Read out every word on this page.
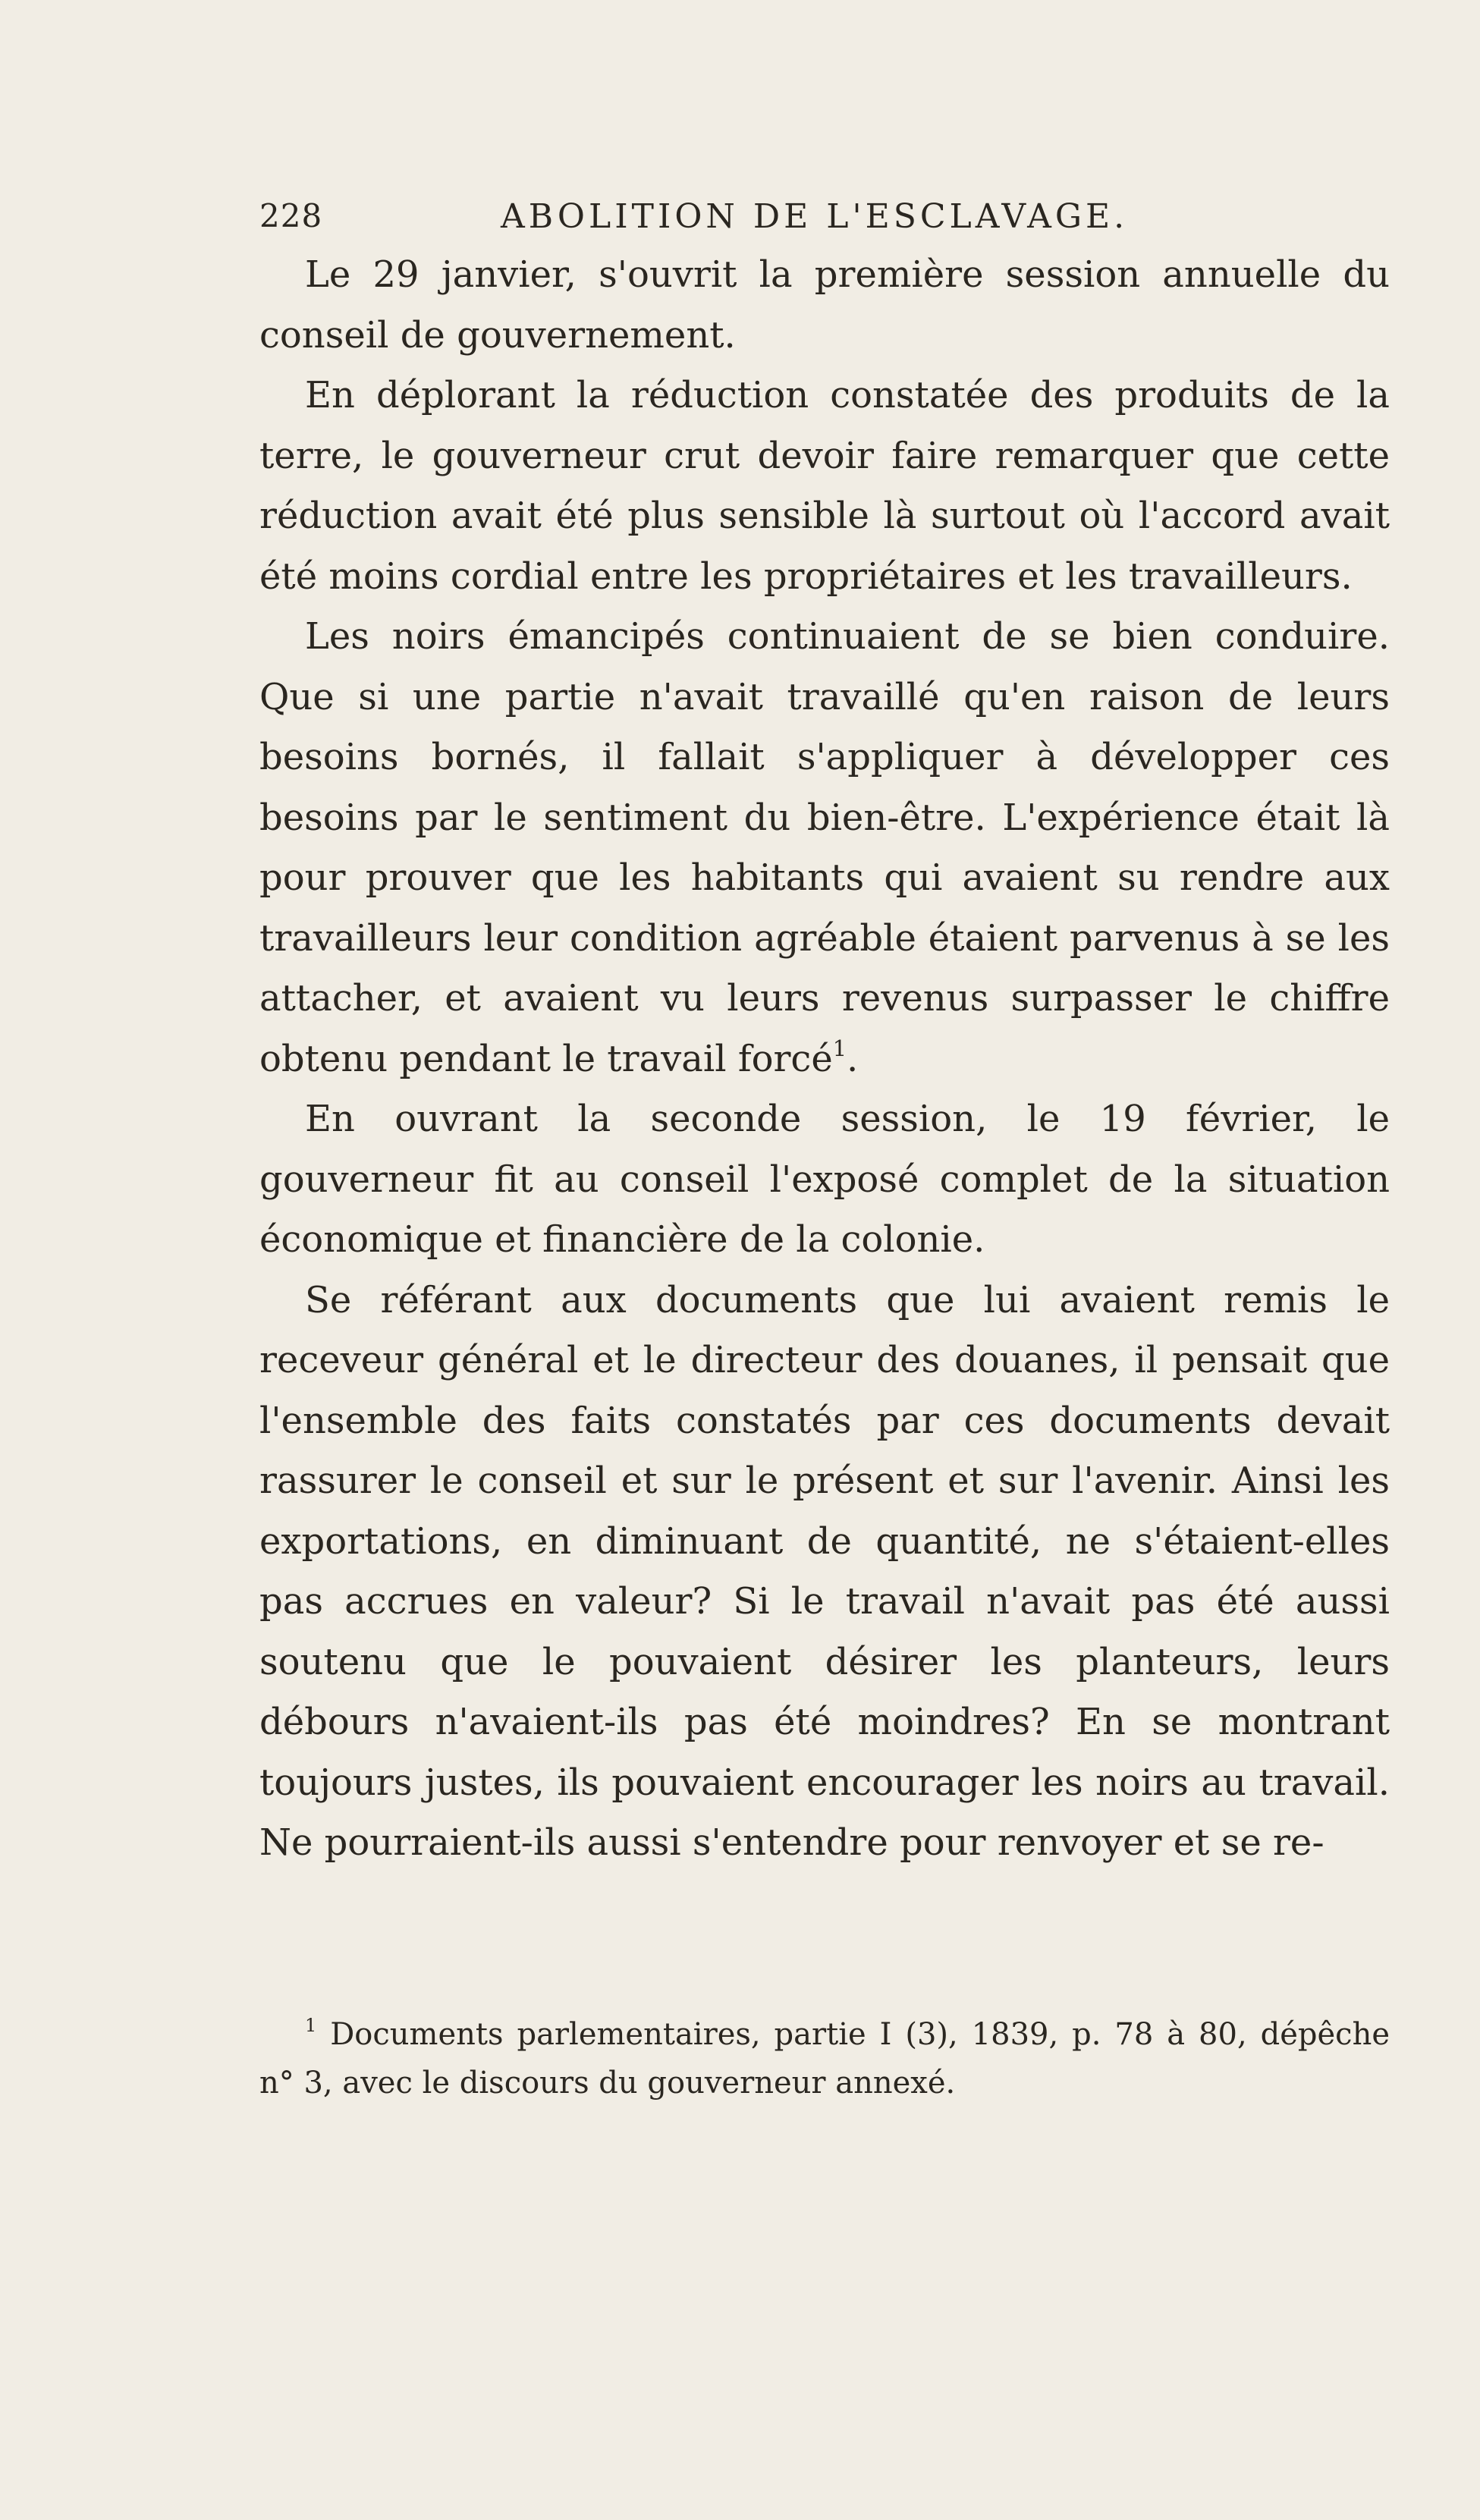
228	ABOLITION DE L'ESCLAVAGE.

Le 29 janvier, s'ouvrit la première session annuelle du conseil de gouvernement.

En déplorant la réduction constatée des produits de la terre, le gouverneur crut devoir faire remarquer que cette réduction avait été plus sensible là surtout où l'accord avait été moins cordial entre les propriétaires et les travailleurs.

Les noirs émancipés continuaient de se bien conduire. Que si une partie n'avait travaillé qu'en raison de leurs besoins bornés, il fallait s'appliquer à développer ces besoins par le sentiment du bien-être. L'expérience était là pour prouver que les habitants qui avaient su rendre aux travailleurs leur condition agréable étaient parvenus à se les attacher, et avaient vu leurs revenus surpasser le chiffre obtenu pendant le travail forcé$^1$.

En ouvrant la seconde session, le 19 février, le gouverneur fit au conseil l'exposé complet de la situation économique et financière de la colonie.

Se référant aux documents que lui avaient remis le receveur général et le directeur des douanes, il pensait que l'ensemble des faits constatés par ces documents devait rassurer le conseil et sur le présent et sur l'avenir. Ainsi les exportations, en diminuant de quantité, ne s'étaient-elles pas accrues en valeur? Si le travail n'avait pas été aussi soutenu que le pouvaient désirer les planteurs, leurs débours n'avaient-ils pas été moindres? En se montrant toujours justes, ils pouvaient encourager les noirs au travail. Ne pourraient-ils aussi s'entendre pour renvoyer et se re-

$^1$ Documents parlementaires, partie I (3), 1839, p. 78 à 80, dépêche n° 3, avec le discours du gouverneur annexé.
